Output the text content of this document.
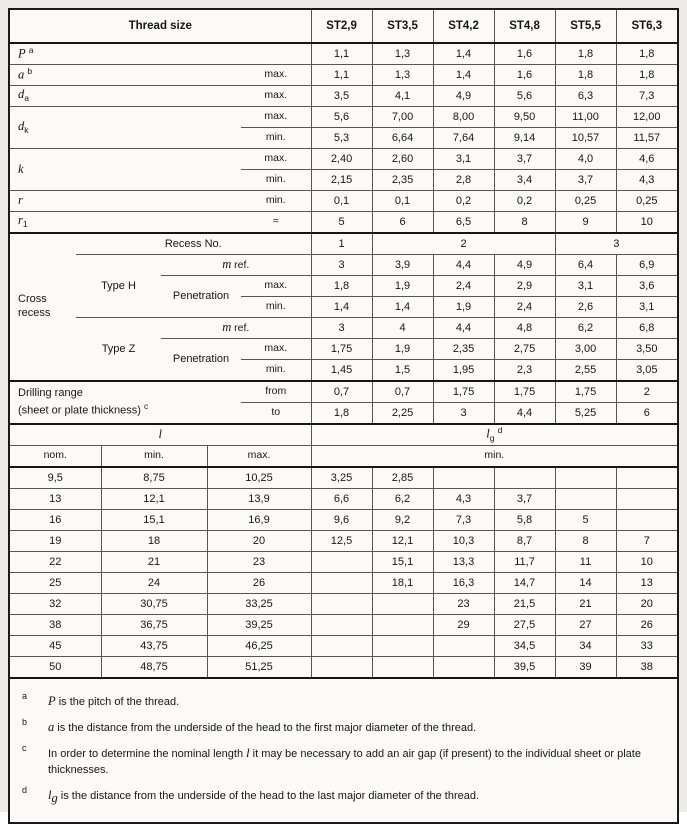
Thread size				ST2,9	ST3,5	ST4,2	ST4,8	ST5,5	ST6,3
P $^a$				1,1	1,3	1,4	1,6	1,8	1,8
a $^b$			max.	1,1	1,3	1,4	1,6	1,8	1,8
$d_a$			max.	3,5	4,1	4,9	5,6	6,3	7,3
$d_k$			max.	5,6	7,00	8,00	9,50	11,00	12,00
			min.	5,3	6,64	7,64	9,14	10,57	11,57
k			max.	2,40	2,60	3,1	3,7	4,0	4,6
			min.	2,15	2,35	2,8	3,4	3,7	4,3
r			min.	0,1	0,1	0,2	0,2	0,25	0,25
$r_1$			≈	5	6	6,5	8	9	10
Cross recess	Recess No.			1	2			3	
	Type H	m ref.		3	3,9	4,4	4,9	6,4	6,9
		Penetration	max.	1,8	1,9	2,4	2,9	3,1	3,6
			min.	1,4	1,4	1,9	2,4	2,6	3,1
	Type Z	m ref.		3	4	4,4	4,8	6,2	6,8
		Penetration	max.	1,75	1,9	2,35	2,75	3,00	3,50
			min.	1,45	1,5	1,95	2,3	2,55	3,05
Drilling range
(sheet or plate thickness) $^c$			from	0,7	0,7	1,75	1,75	1,75	2
			to	1,8	2,25	3	4,4	5,25	6
l			$l_g$ $^d$
nom.	min.	max.	min.					
9,5	8,75	10,25	3,25	2,85				
13	12,1	13,9	6,6	6,2	4,3	3,7		
16	15,1	16,9	9,6	9,2	7,3	5,8	5	
19	18	20	12,5	12,1	10,3	8,7	8	7
22	21	23		15,1	13,3	11,7	11	10
25	24	26		18,1	16,3	14,7	14	13
32	30,75	33,25			23	21,5	21	20
38	36,75	39,25			29	27,5	27	26
45	43,75	46,25				34,5	34	33
50	48,75	51,25				39,5	39	38
a	P is the pitch of the thread.
b	a is the distance from the underside of the head to the first major diameter of the thread.
c	In order to determine the nominal length l it may be necessary to add an air gap (if present) to the individual sheet or plate thicknesses.
d	$l_g$ is the distance from the underside of the head to the last major diameter of the thread.
